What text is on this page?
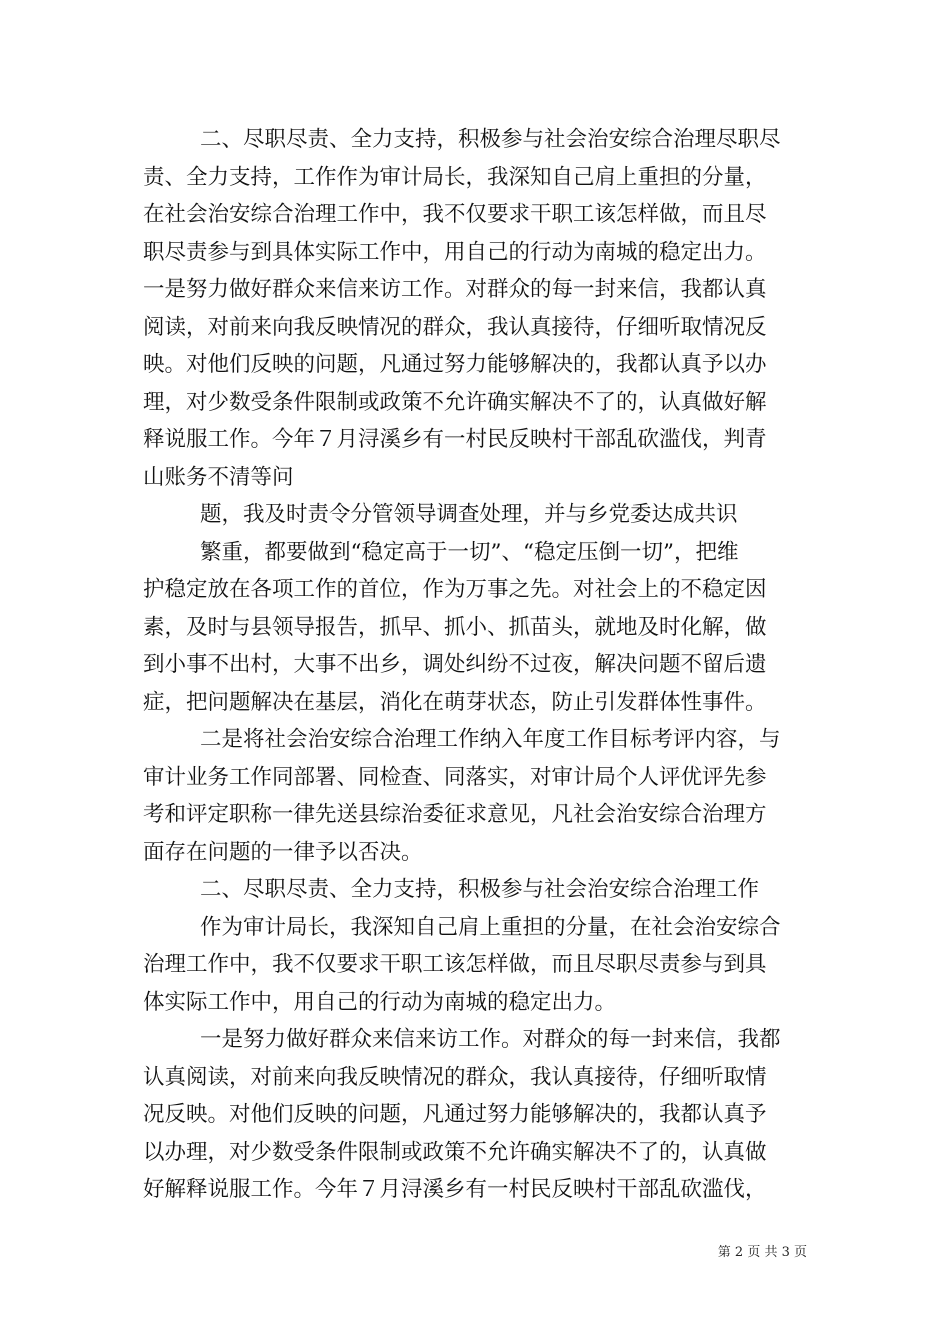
二、尽职尽责、全力支持，积极参与社会治安综合治理尽职尽
责、全力支持，工作作为审计局长，我深知自己肩上重担的分量，
在社会治安综合治理工作中，我不仅要求干职工该怎样做，而且尽
职尽责参与到具体实际工作中，用自己的行动为南城的稳定出力。
一是努力做好群众来信来访工作。对群众的每一封来信，我都认真
阅读，对前来向我反映情况的群众，我认真接待，仔细听取情况反
映。对他们反映的问题，凡通过努力能够解决的，我都认真予以办
理，对少数受条件限制或政策不允许确实解决不了的，认真做好解
释说服工作。今年７月浔溪乡有一村民反映村干部乱砍滥伐，判青
山账务不清等问
题，我及时责令分管领导调查处理，并与乡党委达成共识
繁重，都要做到“稳定高于一切”、“稳定压倒一切”，把维
护稳定放在各项工作的首位，作为万事之先。对社会上的不稳定因
素，及时与县领导报告，抓早、抓小、抓苗头，就地及时化解，做
到小事不出村，大事不出乡，调处纠纷不过夜，解决问题不留后遗
症，把问题解决在基层，消化在萌芽状态，防止引发群体性事件。
二是将社会治安综合治理工作纳入年度工作目标考评内容，与
审计业务工作同部署、同检查、同落实，对审计局个人评优评先参
考和评定职称一律先送县综治委征求意见，凡社会治安综合治理方
面存在问题的一律予以否决。
二、尽职尽责、全力支持，积极参与社会治安综合治理工作
作为审计局长，我深知自己肩上重担的分量，在社会治安综合
治理工作中，我不仅要求干职工该怎样做，而且尽职尽责参与到具
体实际工作中，用自己的行动为南城的稳定出力。
一是努力做好群众来信来访工作。对群众的每一封来信，我都
认真阅读，对前来向我反映情况的群众，我认真接待，仔细听取情
况反映。对他们反映的问题，凡通过努力能够解决的，我都认真予
以办理，对少数受条件限制或政策不允许确实解决不了的，认真做
好解释说服工作。今年７月浔溪乡有一村民反映村干部乱砍滥伐，
第 2 页 共 3 页
